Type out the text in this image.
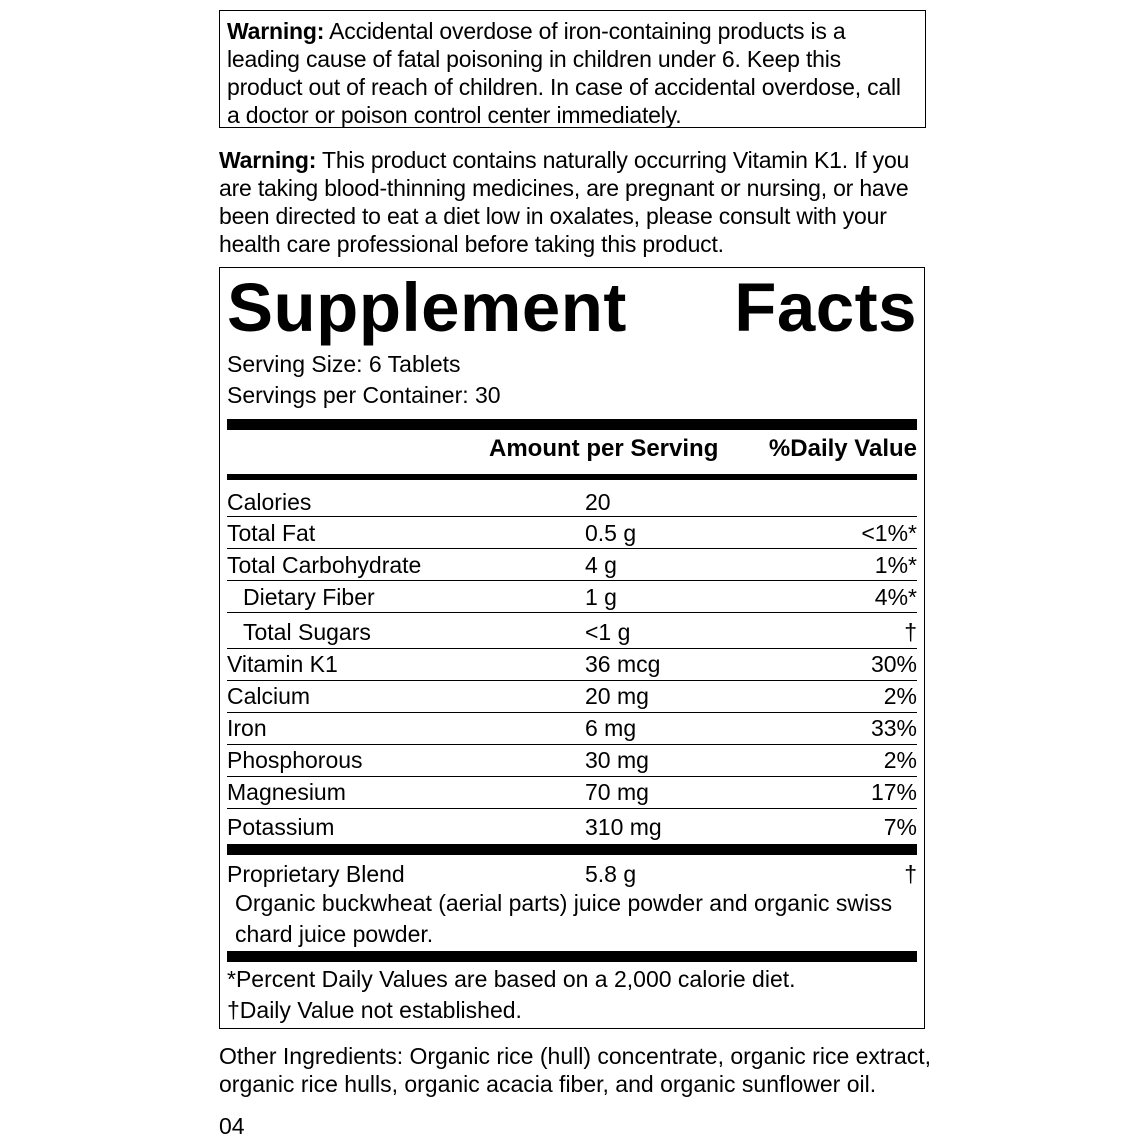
Warning: Accidental overdose of iron-containing products is a leading cause of fatal poisoning in children under 6. Keep this product out of reach of children. In case of accidental overdose, call a doctor or poison control center immediately.
Warning: This product contains naturally occurring Vitamin K1. If you are taking blood-thinning medicines, are pregnant or nursing, or have been directed to eat a diet low in oxalates, please consult with your health care professional before taking this product.
Supplement Facts
Serving Size: 6 Tablets
Servings per Container: 30
Amount per Serving %Daily Value
Calories	20
Total Fat	0.5 g	<1%*
Total Carbohydrate	4 g	1%*
Dietary Fiber	1 g	4%*
Total Sugars	<1 g	†
Vitamin K1	36 mcg	30%
Calcium	20 mg	2%
Iron	6 mg	33%
Phosphorous	30 mg	2%
Magnesium	70 mg	17%
Potassium	310 mg	7%
Proprietary Blend	5.8 g	†
Organic buckwheat (aerial parts) juice powder and organic swiss chard juice powder.
*Percent Daily Values are based on a 2,000 calorie diet.
†Daily Value not established.
Other Ingredients: Organic rice (hull) concentrate, organic rice extract, organic rice hulls, organic acacia fiber, and organic sunflower oil.
04
